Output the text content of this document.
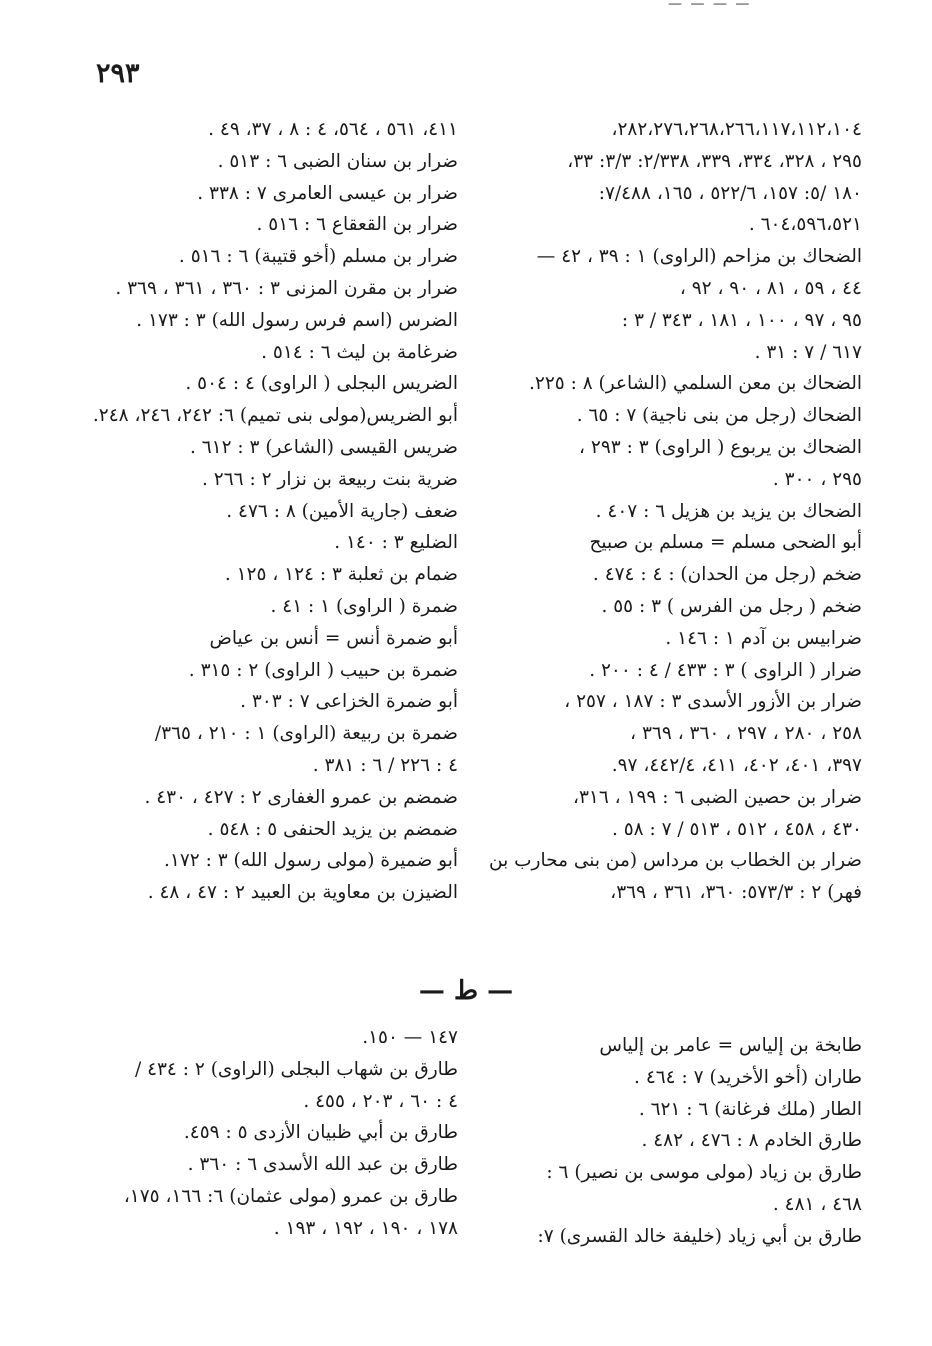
— — — —
٢٩٣
٢٨٢،٢٧٦،٢٦٨،٢٦٦،١١٧،١١٢،١٠٤،
٢٩٥ ، ٣٢٨، ٣٣٤، ٣٣٩، ٢/٣٣٨: ٣/٣: ٣٣،
١٨٠ /٥: ١٥٧، ٥٢٢/٦ ، ١٦٥، ٧/٤٨٨:
٦٠٤،٥٩٦،٥٢١ .
الضحاك بن مزاحم (الراوى) ١ : ٣٩ ، ٤٢ —
٤٤ ، ٥٩ ، ٨١ ، ٩٠ ، ٩٢ ،
٩٥ ، ٩٧ ، ١٠٠ ، ١٨١ ، ٣٤٣ / ٣ :
٦١٧ / ٧ : ٣١ .
الضحاك بن معن السلمي (الشاعر) ٨ : ٢٢٥.
الضحاك (رجل من بنى ناجية) ٧ : ٦٥ .
الضحاك بن يربوع ( الراوى) ٣ : ٢٩٣ ،
٢٩٥ ، ٣٠٠ .
الضحاك بن يزيد بن هزيل ٦ : ٤٠٧ .
أبو الضحى مسلم = مسلم بن صبيح
ضخم (رجل من الحدان) : ٤ : ٤٧٤ .
ضخم ( رجل من الفرس ) ٣ : ٥٥ .
ضرابيس بن آدم ١ : ١٤٦ .
ضرار ( الراوى ) ٣ : ٤٣٣ / ٤ : ٢٠٠ .
ضرار بن الأزور الأسدى ٣ : ١٨٧ ، ٢٥٧ ،
٢٥٨ ، ٢٨٠ ، ٢٩٧ ، ٣٦٠ ، ٣٦٩ ،
٣٩٧، ٤٠١، ٤٠٢، ٤١١، ٤٤٢/٤، ٩٧.
ضرار بن حصين الضبى ٦ : ١٩٩ ، ٣١٦،
٤٣٠ ، ٤٥٨ ، ٥١٢ ، ٥١٣ / ٧ : ٥٨ .
ضرار بن الخطاب بن مرداس (من بنى محارب بن
فهر) ٢ : ٥٧٣/٣: ٣٦٠، ٣٦١ ، ٣٦٩،
٤١١، ٥٦١ ، ٥٦٤، ٤ : ٨ ، ٣٧، ٤٩ .
ضرار بن سنان الضبى ٦ : ٥١٣ .
ضرار بن عيسى العامرى ٧ : ٣٣٨ .
ضرار بن القعقاع ٦ : ٥١٦ .
ضرار بن مسلم (أخو قتيبة) ٦ : ٥١٦ .
ضرار بن مقرن المزنى ٣ : ٣٦٠ ، ٣٦١ ، ٣٦٩ .
الضرس (اسم فرس رسول الله) ٣ : ١٧٣ .
ضرغامة بن ليث ٦ : ٥١٤ .
الضريس البجلى ( الراوى) ٤ : ٥٠٤ .
أبو الضريس(مولى بنى تميم) ٦: ٢٤٢، ٢٤٦، ٢٤٨.
ضريس القيسى (الشاعر) ٣ : ٦١٢ .
ضرية بنت ربيعة بن نزار ٢ : ٢٦٦ .
ضعف (جارية الأمين) ٨ : ٤٧٦ .
الضليع ٣ : ١٤٠ .
ضمام بن ثعلبة ٣ : ١٢٤ ، ١٢٥ .
ضمرة ( الراوى) ١ : ٤١ .
أبو ضمرة أنس = أنس بن عياض
ضمرة بن حبيب ( الراوى) ٢ : ٣١٥ .
أبو ضمرة الخزاعى ٧ : ٣٠٣ .
ضمرة بن ربيعة (الراوى) ١ : ٢١٠ ، ٣٦٥/
٤ : ٢٢٦ / ٦ : ٣٨١ .
ضمضم بن عمرو الغفارى ٢ : ٤٢٧ ، ٤٣٠ .
ضمضم بن يزيد الحنفى ٥ : ٥٤٨ .
أبو ضميرة (مولى رسول الله) ٣ : ١٧٢.
الضيزن بن معاوية بن العبيد ٢ : ٤٧ ، ٤٨ .
— ط —
طابخة بن إلياس = عامر بن إلياس
طاران (أخو الأخريد) ٧ : ٤٦٤ .
الطار (ملك فرغانة) ٦ : ٦٢١ .
طارق الخادم ٨ : ٤٧٦ ، ٤٨٢ .
طارق بن زياد (مولى موسى بن نصير) ٦ :
٤٦٨ ، ٤٨١ .
طارق بن أبي زياد (خليفة خالد القسرى) ٧:
١٤٧ — ١٥٠.
طارق بن شهاب البجلى (الراوى) ٢ : ٤٣٤ /
٤ : ٦٠ ، ٢٠٣ ، ٤٥٥ .
طارق بن أبي ظبيان الأزدى ٥ : ٤٥٩.
طارق بن عبد الله الأسدى ٦ : ٣٦٠ .
طارق بن عمرو (مولى عثمان) ٦: ١٦٦، ١٧٥،
١٧٨ ، ١٩٠ ، ١٩٢ ، ١٩٣ .
